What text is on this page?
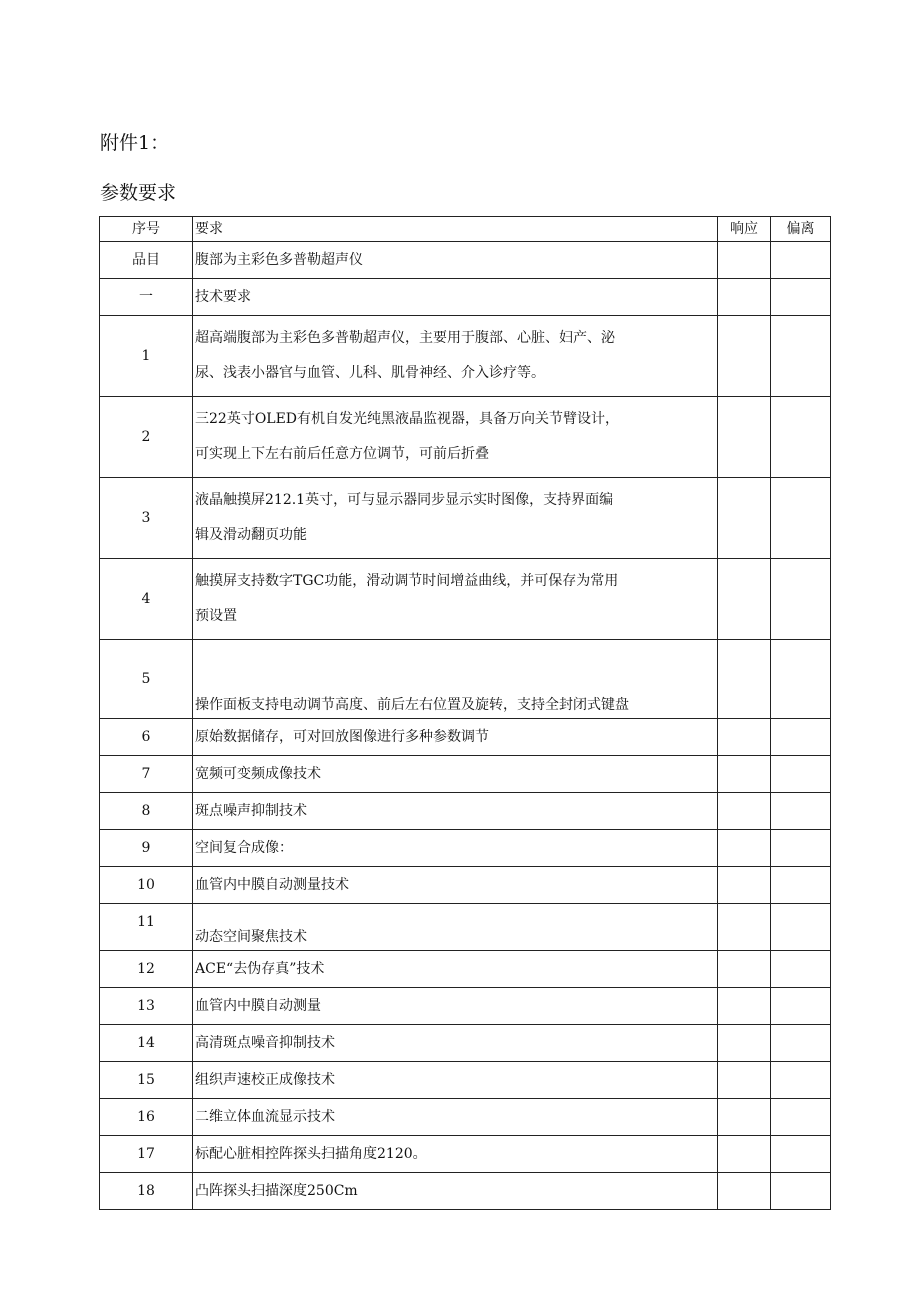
附件1：
参数要求
序号	要求	响应	偏离
品目	腹部为主彩色多普勒超声仪		
一	技术要求		
1	超高端腹部为主彩色多普勒超声仪，主要用于腹部、心脏、妇产、泌
尿、浅表小器官与血管、儿科、肌骨神经、介入诊疗等。		

2	三22英寸OLED有机自发光纯黑液晶监视器，具备万向关节臂设计，
可实现上下左右前后任意方位调节，可前后折叠		

3	液晶触摸屏212.1英寸，可与显示器同步显示实时图像，支持界面编
辑及滑动翻页功能		

4	触摸屏支持数字TGC功能，滑动调节时间增益曲线，并可保存为常用
预设置		

5	操作面板支持电动调节高度、前后左右位置及旋转，支持全封闭式键盘		
6	原始数据储存，可对回放图像进行多种参数调节		
7	宽频可变频成像技术		
8	斑点噪声抑制技术		
9	空间复合成像：		
10	血管内中膜自动测量技术		
11	动态空间聚焦技术		
12	ACE“去伪存真”技术		
13	血管内中膜自动测量		
14	高清斑点噪音抑制技术		
15	组织声速校正成像技术		
16	二维立体血流显示技术		
17	标配心脏相控阵探头扫描角度2120。		
18	凸阵探头扫描深度250Cm		
